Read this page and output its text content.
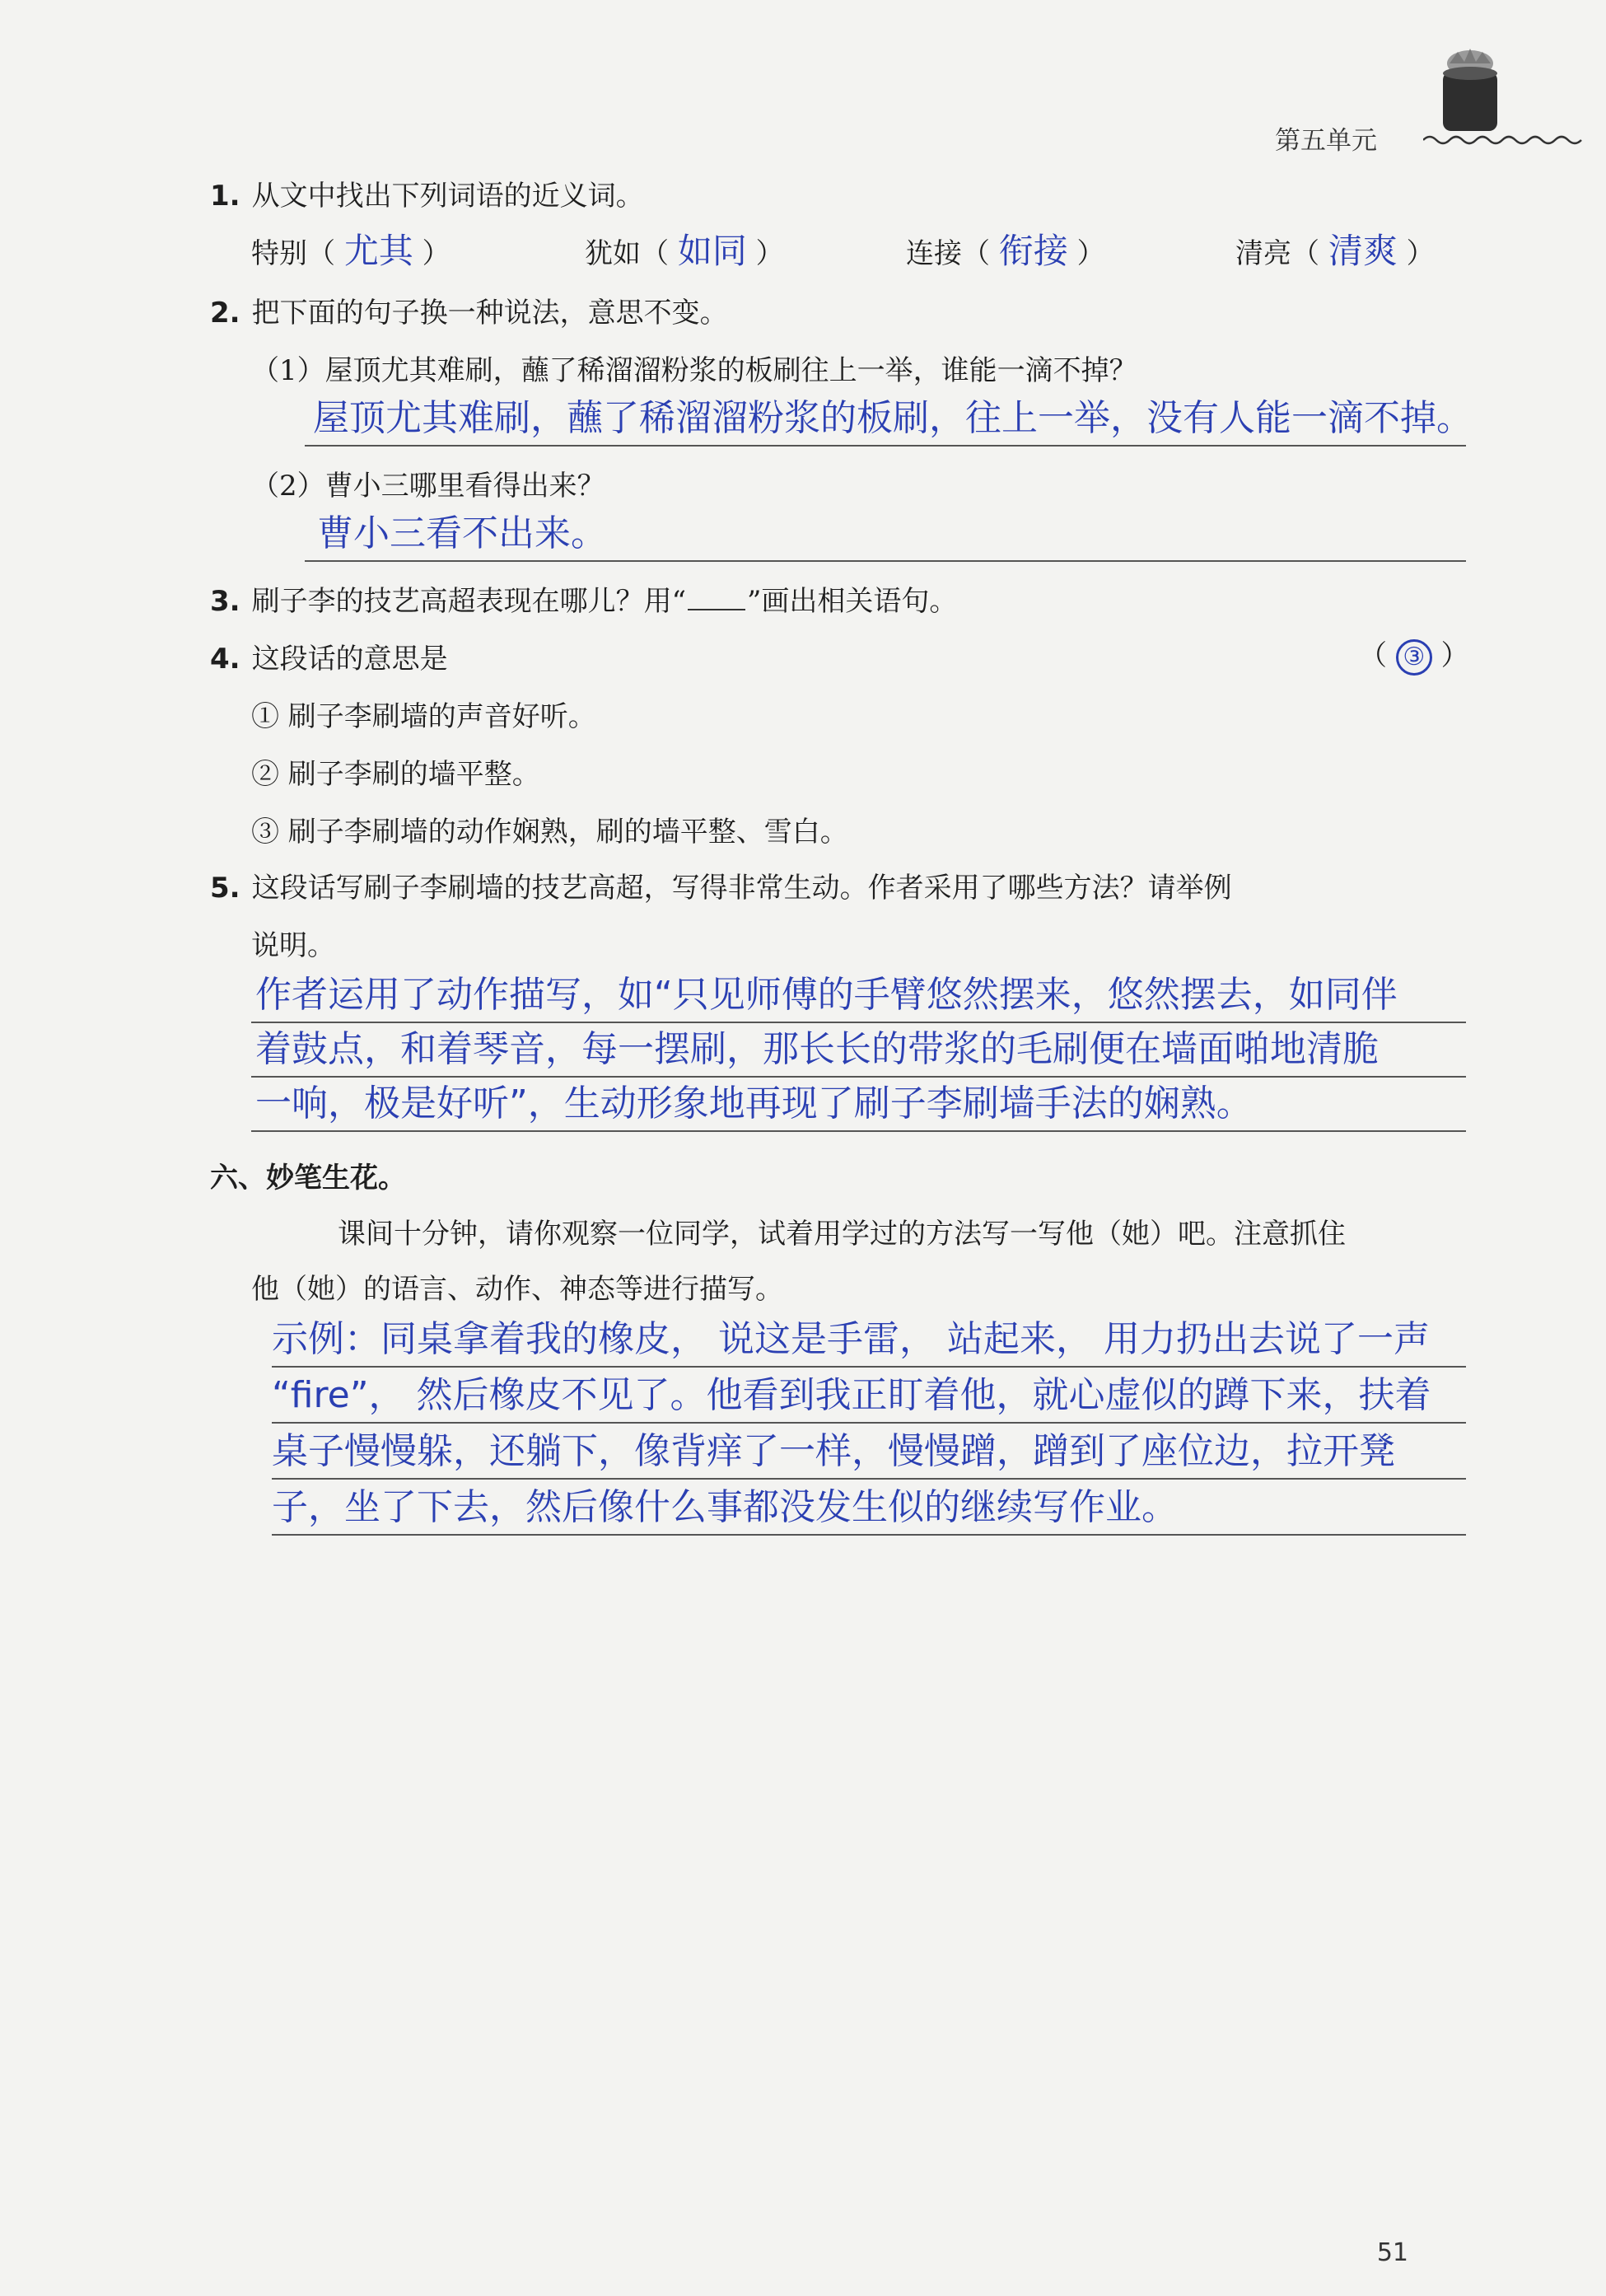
第五单元
1. 从文中找出下列词语的近义词。
特别（ 尤其 ）	犹如（ 如同 ）	连接（ 衔接 ）	清亮（ 清爽 ）
2. 把下面的句子换一种说法，意思不变。
（1）屋顶尤其难刷，蘸了稀溜溜粉浆的板刷往上一举，谁能一滴不掉？
屋顶尤其难刷，蘸了稀溜溜粉浆的板刷，往上一举，没有人能一滴不掉。
（2）曹小三哪里看得出来？
曹小三看不出来。
3. 刷子李的技艺高超表现在哪儿？用“ ”画出相关语句。
4. 这段话的意思是	（ ③ ）
① 刷子李刷墙的声音好听。
② 刷子李刷的墙平整。
③ 刷子李刷墙的动作娴熟，刷的墙平整、雪白。
5. 这段话写刷子李刷墙的技艺高超，写得非常生动。作者采用了哪些方法？请举例
说明。
作者运用了动作描写，如“只见师傅的手臂悠然摆来，悠然摆去，如同伴
着鼓点，和着琴音，每一摆刷，那长长的带浆的毛刷便在墙面啪地清脆
一响，极是好听”，生动形象地再现了刷子李刷墙手法的娴熟。
六、妙笔生花。
课间十分钟，请你观察一位同学，试着用学过的方法写一写他（她）吧。注意抓住
他（她）的语言、动作、神态等进行描写。
示例：同桌拿着我的橡皮， 说这是手雷， 站起来， 用力扔出去说了一声
“fire”， 然后橡皮不见了。他看到我正盯着他，就心虚似的蹲下来，扶着
桌子慢慢躲，还躺下，像背痒了一样，慢慢蹭，蹭到了座位边，拉开凳
子，坐了下去，然后像什么事都没发生似的继续写作业。
51
